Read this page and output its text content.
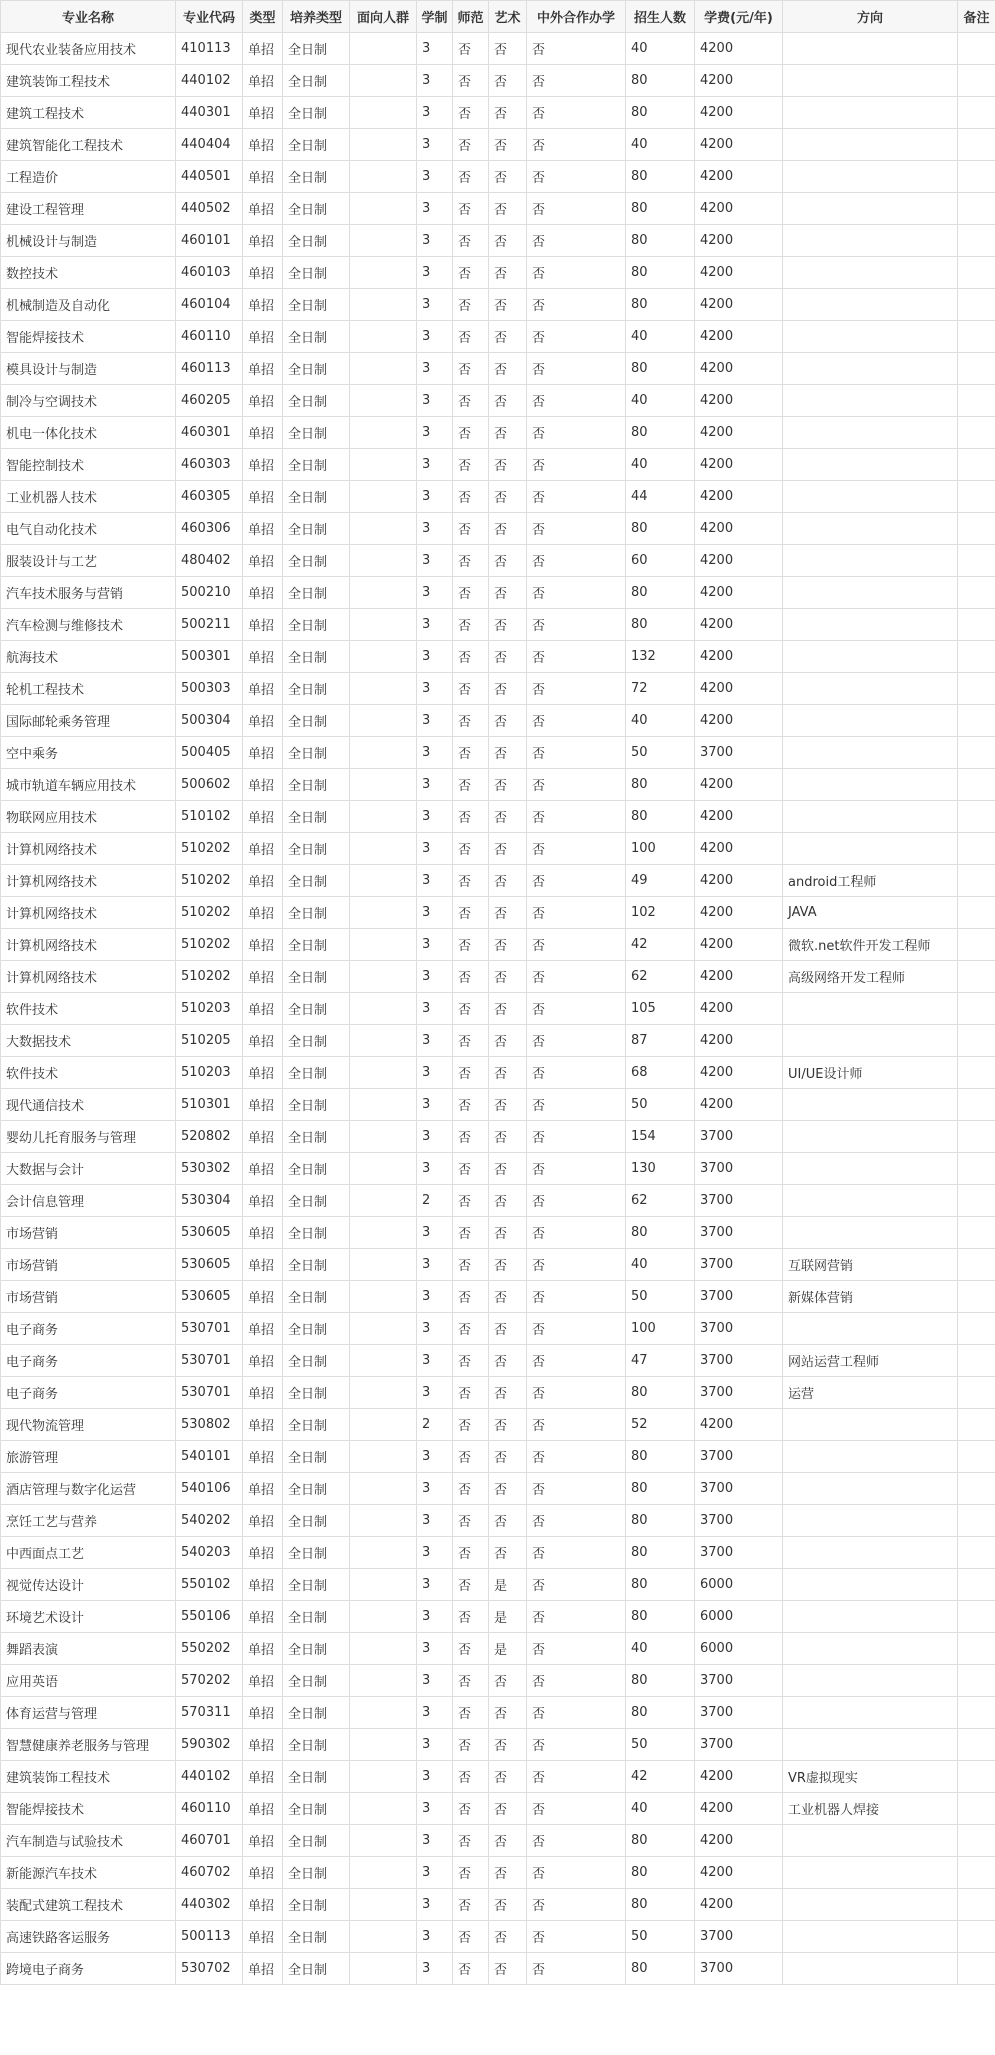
专业名称	专业代码	类型	培养类型	面向人群	学制	师范	艺术	中外合作办学	招生人数	学费(元/年)	方向	备注
现代农业装备应用技术	410113	单招	全日制		3	否	否	否	40	4200		
建筑装饰工程技术	440102	单招	全日制		3	否	否	否	80	4200		
建筑工程技术	440301	单招	全日制		3	否	否	否	80	4200		
建筑智能化工程技术	440404	单招	全日制		3	否	否	否	40	4200		
工程造价	440501	单招	全日制		3	否	否	否	80	4200		
建设工程管理	440502	单招	全日制		3	否	否	否	80	4200		
机械设计与制造	460101	单招	全日制		3	否	否	否	80	4200		
数控技术	460103	单招	全日制		3	否	否	否	80	4200		
机械制造及自动化	460104	单招	全日制		3	否	否	否	80	4200		
智能焊接技术	460110	单招	全日制		3	否	否	否	40	4200		
模具设计与制造	460113	单招	全日制		3	否	否	否	80	4200		
制冷与空调技术	460205	单招	全日制		3	否	否	否	40	4200		
机电一体化技术	460301	单招	全日制		3	否	否	否	80	4200		
智能控制技术	460303	单招	全日制		3	否	否	否	40	4200		
工业机器人技术	460305	单招	全日制		3	否	否	否	44	4200		
电气自动化技术	460306	单招	全日制		3	否	否	否	80	4200		
服装设计与工艺	480402	单招	全日制		3	否	否	否	60	4200		
汽车技术服务与营销	500210	单招	全日制		3	否	否	否	80	4200		
汽车检测与维修技术	500211	单招	全日制		3	否	否	否	80	4200		
航海技术	500301	单招	全日制		3	否	否	否	132	4200		
轮机工程技术	500303	单招	全日制		3	否	否	否	72	4200		
国际邮轮乘务管理	500304	单招	全日制		3	否	否	否	40	4200		
空中乘务	500405	单招	全日制		3	否	否	否	50	3700		
城市轨道车辆应用技术	500602	单招	全日制		3	否	否	否	80	4200		
物联网应用技术	510102	单招	全日制		3	否	否	否	80	4200		
计算机网络技术	510202	单招	全日制		3	否	否	否	100	4200		
计算机网络技术	510202	单招	全日制		3	否	否	否	49	4200	android工程师	
计算机网络技术	510202	单招	全日制		3	否	否	否	102	4200	JAVA	
计算机网络技术	510202	单招	全日制		3	否	否	否	42	4200	微软.net软件开发工程师	
计算机网络技术	510202	单招	全日制		3	否	否	否	62	4200	高级网络开发工程师	
软件技术	510203	单招	全日制		3	否	否	否	105	4200		
大数据技术	510205	单招	全日制		3	否	否	否	87	4200		
软件技术	510203	单招	全日制		3	否	否	否	68	4200	UI/UE设计师	
现代通信技术	510301	单招	全日制		3	否	否	否	50	4200		
婴幼儿托育服务与管理	520802	单招	全日制		3	否	否	否	154	3700		
大数据与会计	530302	单招	全日制		3	否	否	否	130	3700		
会计信息管理	530304	单招	全日制		2	否	否	否	62	3700		
市场营销	530605	单招	全日制		3	否	否	否	80	3700		
市场营销	530605	单招	全日制		3	否	否	否	40	3700	互联网营销	
市场营销	530605	单招	全日制		3	否	否	否	50	3700	新媒体营销	
电子商务	530701	单招	全日制		3	否	否	否	100	3700		
电子商务	530701	单招	全日制		3	否	否	否	47	3700	网站运营工程师	
电子商务	530701	单招	全日制		3	否	否	否	80	3700	运营	
现代物流管理	530802	单招	全日制		2	否	否	否	52	4200		
旅游管理	540101	单招	全日制		3	否	否	否	80	3700		
酒店管理与数字化运营	540106	单招	全日制		3	否	否	否	80	3700		
烹饪工艺与营养	540202	单招	全日制		3	否	否	否	80	3700		
中西面点工艺	540203	单招	全日制		3	否	否	否	80	3700		
视觉传达设计	550102	单招	全日制		3	否	是	否	80	6000		
环境艺术设计	550106	单招	全日制		3	否	是	否	80	6000		
舞蹈表演	550202	单招	全日制		3	否	是	否	40	6000		
应用英语	570202	单招	全日制		3	否	否	否	80	3700		
体育运营与管理	570311	单招	全日制		3	否	否	否	80	3700		
智慧健康养老服务与管理	590302	单招	全日制		3	否	否	否	50	3700		
建筑装饰工程技术	440102	单招	全日制		3	否	否	否	42	4200	VR虚拟现实	
智能焊接技术	460110	单招	全日制		3	否	否	否	40	4200	工业机器人焊接	
汽车制造与试验技术	460701	单招	全日制		3	否	否	否	80	4200		
新能源汽车技术	460702	单招	全日制		3	否	否	否	80	4200		
装配式建筑工程技术	440302	单招	全日制		3	否	否	否	80	4200		
高速铁路客运服务	500113	单招	全日制		3	否	否	否	50	3700		
跨境电子商务	530702	单招	全日制		3	否	否	否	80	3700		
